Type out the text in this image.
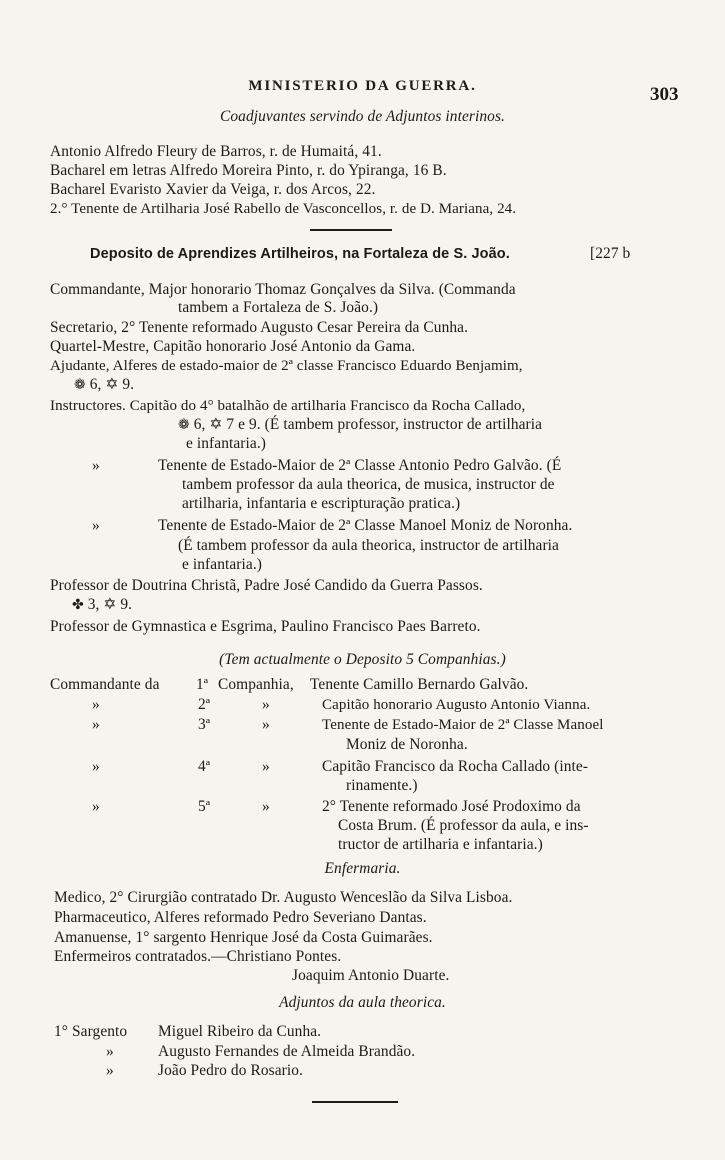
MINISTERIO DA GUERRA.	303
Coadjuvantes servindo de Adjuntos interinos.
Antonio Alfredo Fleury de Barros, r. de Humaitá, 41.
Bacharel em letras Alfredo Moreira Pinto, r. do Ypiranga, 16 B.
Bacharel Evaristo Xavier da Veiga, r. dos Arcos, 22.
2.° Tenente de Artilharia José Rabello de Vasconcellos, r. de D. Mariana, 24.
Deposito de Aprendizes Artilheiros, na Fortaleza de S. João.	[227 b
Commandante, Major honorario Thomaz Gonçalves da Silva. (Commanda
tambem a Fortaleza de S. João.)
Secretario, 2° Tenente reformado Augusto Cesar Pereira da Cunha.
Quartel-Mestre, Capitão honorario José Antonio da Gama.
Ajudante, Alferes de estado-maior de 2ª classe Francisco Eduardo Benjamim,
❁ 6, ✡ 9.
Instructores. Capitão do 4° batalhão de artilharia Francisco da Rocha Callado,
❁ 6, ✡ 7 e 9. (É tambem professor, instructor de artilharia
e infantaria.)
»	Tenente de Estado-Maior de 2ª Classe Antonio Pedro Galvão. (É
tambem professor da aula theorica, de musica, instructor de
artilharia, infantaria e escripturação pratica.)
»	Tenente de Estado-Maior de 2ª Classe Manoel Moniz de Noronha.
(É tambem professor da aula theorica, instructor de artilharia
e infantaria.)
Professor de Doutrina Christã, Padre José Candido da Guerra Passos.
✤ 3, ✡ 9.
Professor de Gymnastica e Esgrima, Paulino Francisco Paes Barreto.
(Tem actualmente o Deposito 5 Companhias.)
Commandante da 1ª Companhia, Tenente Camillo Bernardo Galvão.
»	2ª	»	Capitão honorario Augusto Antonio Vianna.
»	3ª	»	Tenente de Estado-Maior de 2ª Classe Manoel
Moniz de Noronha.
»	4ª	»	Capitão Francisco da Rocha Callado (inte-
rinamente.)
»	5ª	»	2° Tenente reformado José Prodoximo da
Costa Brum. (É professor da aula, e ins-
tructor de artilharia e infantaria.)
Enfermaria.
Medico, 2° Cirurgião contratado Dr. Augusto Wenceslão da Silva Lisboa.
Pharmaceutico, Alferes reformado Pedro Severiano Dantas.
Amanuense, 1° sargento Henrique José da Costa Guimarães.
Enfermeiros contratados.—Christiano Pontes.
Joaquim Antonio Duarte.
Adjuntos da aula theorica.
1° Sargento Miguel Ribeiro da Cunha.
»	Augusto Fernandes de Almeida Brandão.
»	João Pedro do Rosario.
